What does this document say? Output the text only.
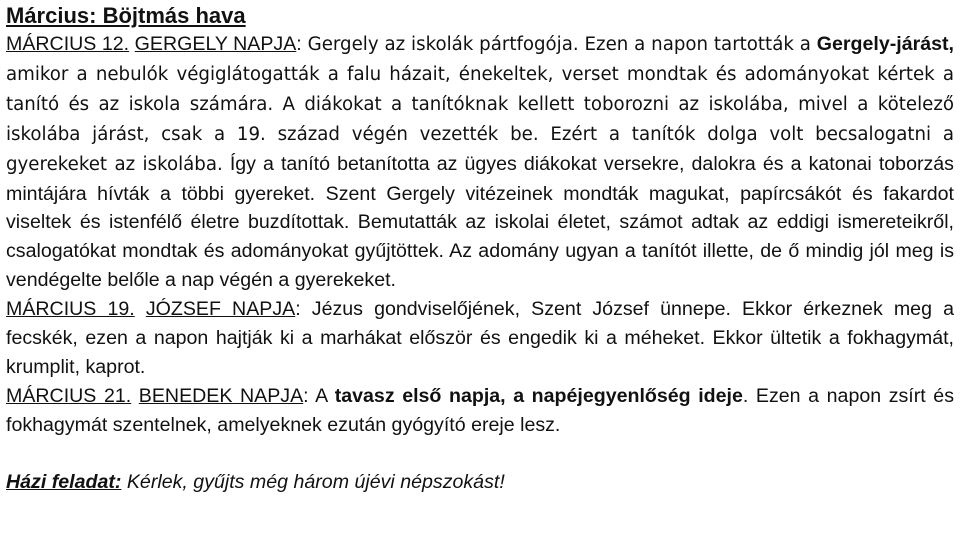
Március: Böjtmás hava

MÁRCIUS 12. GERGELY NAPJA: Gergely az iskolák pártfogója. Ezen a napon tartották a Gergely-járást, amikor a nebulók végiglátogatták a falu házait, énekeltek, verset mondtak és adományokat kértek a tanító és az iskola számára. A diákokat a tanítóknak kellett toborozni az iskolába, mivel a kötelező iskolába járást, csak a 19. század végén vezették be. Ezért a tanítók dolga volt becsalogatni a gyerekeket az iskolába. Így a tanító betanította az ügyes diákokat versekre, dalokra és a katonai toborzás mintájára hívták a többi gyereket. Szent Gergely vitézeinek mondták magukat, papírcsákót és fakardot viseltek és istenfélő életre buzdítottak. Bemutatták az iskolai életet, számot adtak az eddigi ismereteikről, csalogatókat mondtak és adományokat gyűjtöttek. Az adomány ugyan a tanítót illette, de ő mindig jól meg is vendégelte belőle a nap végén a gyerekeket.

MÁRCIUS 19. JÓZSEF NAPJA: Jézus gondviselőjének, Szent József ünnepe. Ekkor érkeznek meg a fecskék, ezen a napon hajtják ki a marhákat először és engedik ki a méheket. Ekkor ültetik a fokhagymát, krumplit, kaprot.

MÁRCIUS 21. BENEDEK NAPJA: A tavasz első napja, a napéjegyenlőség ideje. Ezen a napon zsírt és fokhagymát szentelnek, amelyeknek ezután gyógyító ereje lesz.

Házi feladat: Kérlek, gyűjts még három újévi népszokást!
